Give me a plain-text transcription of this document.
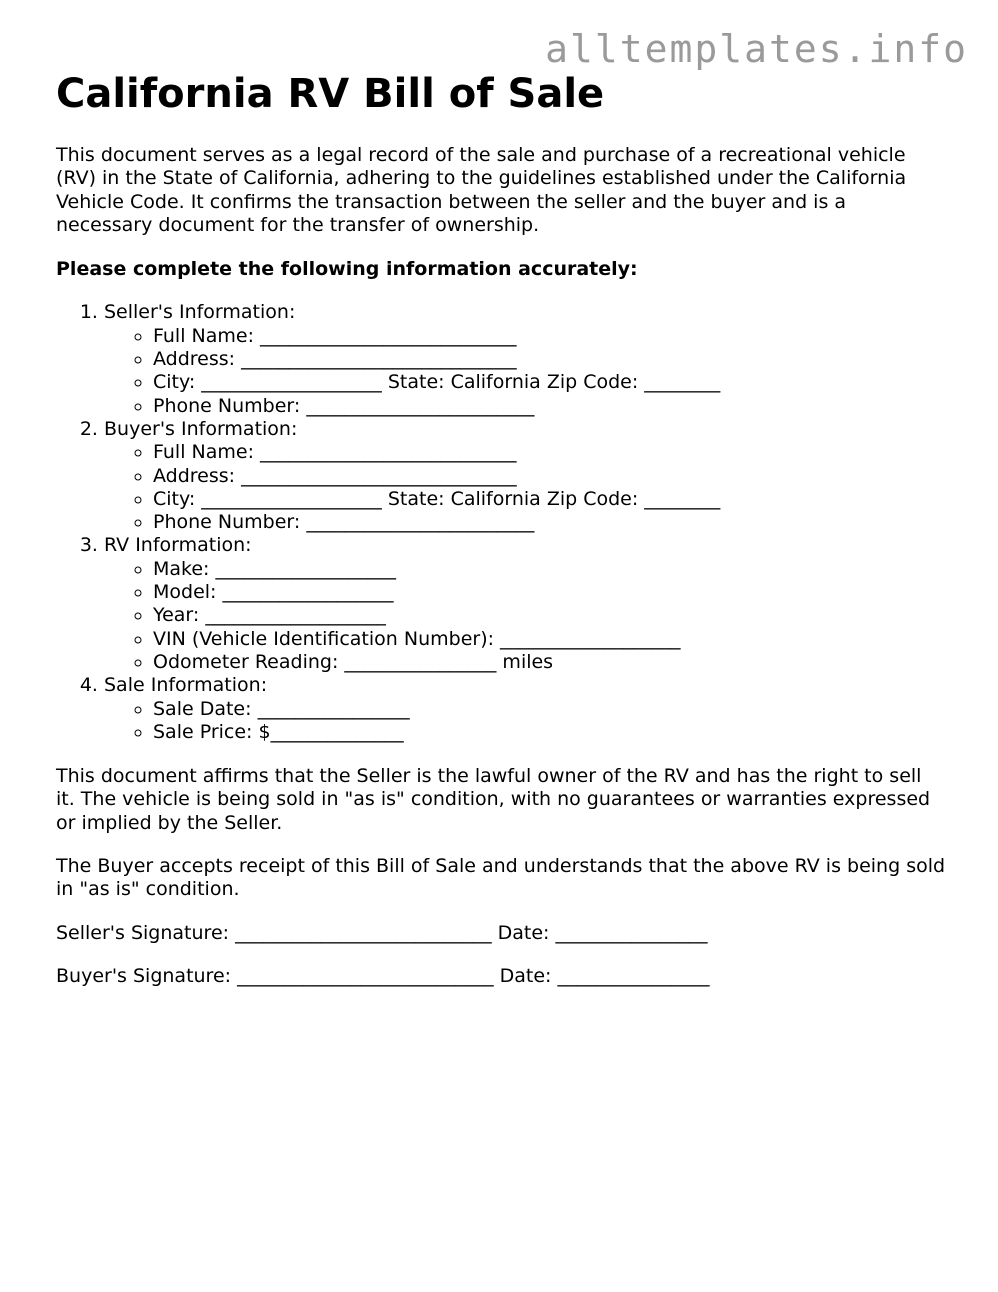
alltemplates.info
California RV Bill of Sale

This document serves as a legal record of the sale and purchase of a recreational vehicle (RV) in the State of California, adhering to the guidelines established under the California Vehicle Code. It confirms the transaction between the seller and the buyer and is a necessary document for the transfer of ownership.

Please complete the following information accurately:

1. Seller's Information:
◦ Full Name: ___________________________
◦ Address: _____________________________
◦ City: ___________________ State: California Zip Code: ________
◦ Phone Number: ________________________
2. Buyer's Information:
◦ Full Name: ___________________________
◦ Address: _____________________________
◦ City: ___________________ State: California Zip Code: ________
◦ Phone Number: ________________________
3. RV Information:
◦ Make: ___________________
◦ Model: __________________
◦ Year: ___________________
◦ VIN (Vehicle Identification Number): ___________________
◦ Odometer Reading: ________________ miles
4. Sale Information:
◦ Sale Date: ________________
◦ Sale Price: $______________

This document affirms that the Seller is the lawful owner of the RV and has the right to sell it. The vehicle is being sold in "as is" condition, with no guarantees or warranties expressed or implied by the Seller.

The Buyer accepts receipt of this Bill of Sale and understands that the above RV is being sold in "as is" condition.

Seller's Signature: ___________________________ Date: ________________

Buyer's Signature: ___________________________ Date: ________________
